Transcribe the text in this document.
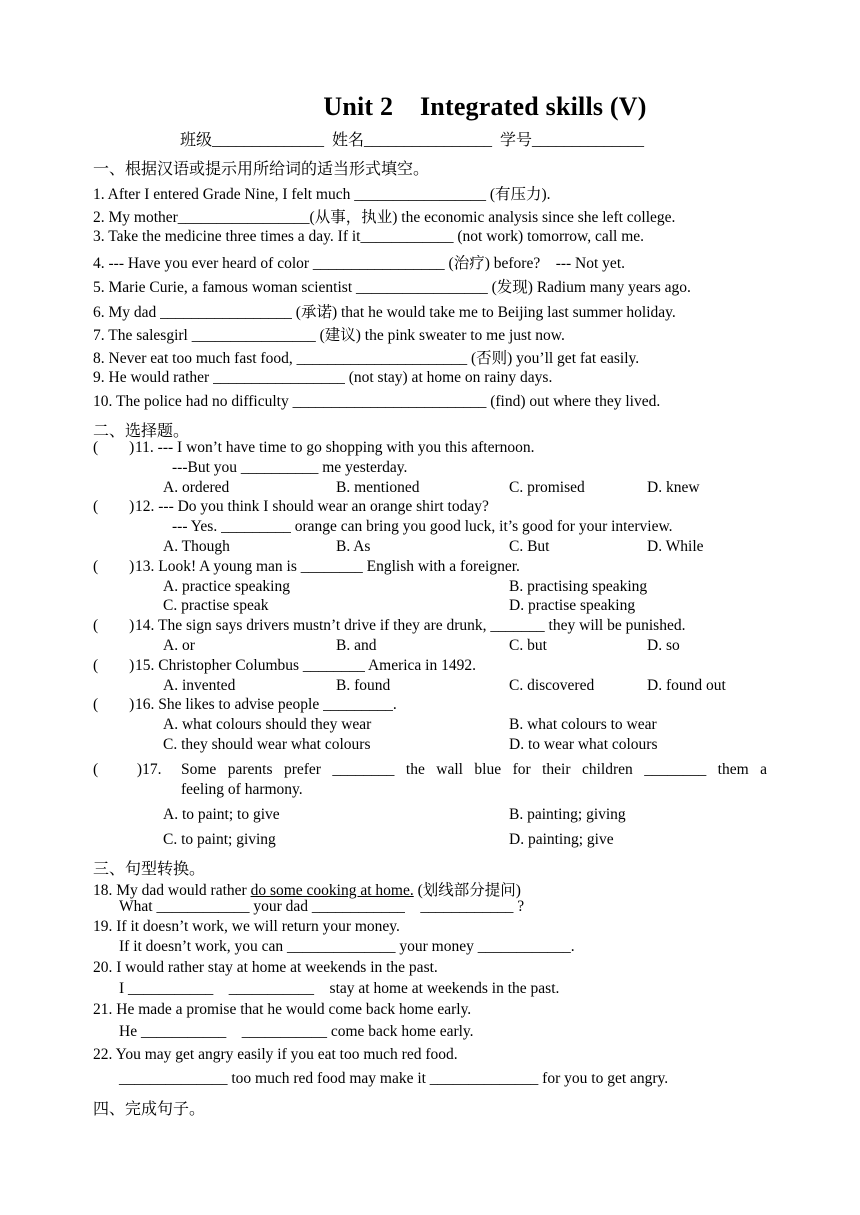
Unit 2    Integrated skills (V)
班级______________  姓名________________  学号______________
一、根据汉语或提示用所给词的适当形式填空。
1. After I entered Grade Nine, I felt much _________________ (有压力).
2. My mother_________________(从事，执业) the economic analysis since she left college.
3. Take the medicine three times a day. If it____________ (not work) tomorrow, call me.
4. --- Have you ever heard of color _________________ (治疗) before?    --- Not yet.
5. Marie Curie, a famous woman scientist _________________ (发现) Radium many years ago.
6. My dad _________________ (承诺) that he would take me to Beijing last summer holiday.
7. The salesgirl ________________ (建议) the pink sweater to me just now.
8. Never eat too much fast food, ______________________ (否则) you’ll get fat easily.
9. He would rather _________________ (not stay) at home on rainy days.
10. The police had no difficulty _________________________ (find) out where they lived.
二、选择题。
(        ) 11. --- I won’t have time to go shopping with you this afternoon.
---But you __________ me yesterday.
A. ordered	B. mentioned	C. promised	D. knew
(        ) 12. --- Do you think I should wear an orange shirt today?
--- Yes. _________ orange can bring you good luck, it’s good for your interview.
A. Though	B. As	C. But	D. While
(        ) 13. Look! A young man is ________ English with a foreigner.
A. practice speaking	B. practising speaking
C. practise speak	D. practise speaking
(        ) 14. The sign says drivers mustn’t drive if they are drunk, _______ they will be punished.
A. or	B. and	C. but	D. so
(        ) 15. Christopher Columbus ________ America in 1492.
A. invented	B. found	C. discovered	D. found out
(        ) 16. She likes to advise people _________.
A. what colours should they wear	B. what colours to wear
C. they should wear what colours	D. to wear what colours
(          )17. Some parents prefer ________ the wall blue for their children ________ them a
feeling of harmony.
A. to paint; to give	B. painting; giving
C. to paint; giving	D. painting; give
三、句型转换。
18. My dad would rather do some cooking at home. (划线部分提问)
What ____________ your dad ____________    ____________ ?
19. If it doesn’t work, we will return your money.
If it doesn’t work, you can ______________ your money ____________.
20. I would rather stay at home at weekends in the past.
I ___________    ___________    stay at home at weekends in the past.
21. He made a promise that he would come back home early.
He ___________    ___________ come back home early.
22. You may get angry easily if you eat too much red food.
______________ too much red food may make it ______________ for you to get angry.
四、完成句子。
